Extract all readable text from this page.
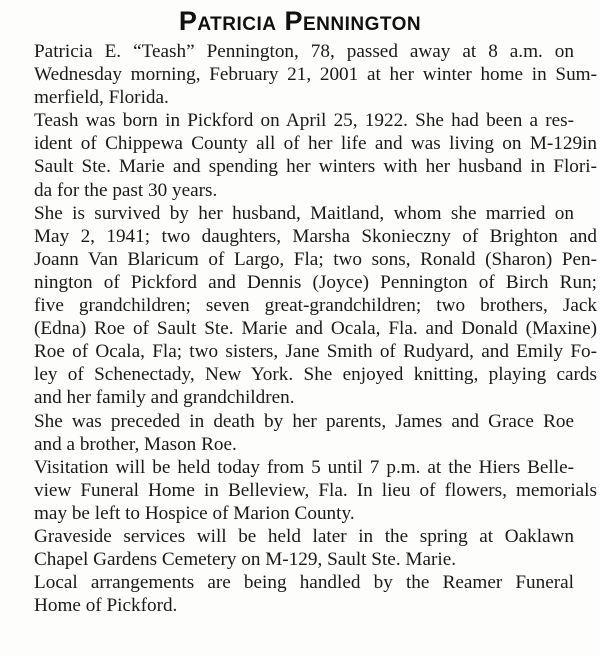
Patricia Pennington

Patricia E. “Teash” Pennington, 78, passed away at 8 a.m. on
Wednesday morning, February 21, 2001 at her winter home in Sum-
merfield, Florida.

Teash was born in Pickford on April 25, 1922. She had been a res-
ident of Chippewa County all of her life and was living on M-129in
Sault Ste. Marie and spending her winters with her husband in Flori-
da for the past 30 years.

She is survived by her husband, Maitland, whom she married on
May 2, 1941; two daughters, Marsha Skonieczny of Brighton and
Joann Van Blaricum of Largo, Fla; two sons, Ronald (Sharon) Pen-
nington of Pickford and Dennis (Joyce) Pennington of Birch Run;
five grandchildren; seven great-grandchildren; two brothers, Jack
(Edna) Roe of Sault Ste. Marie and Ocala, Fla. and Donald (Maxine)
Roe of Ocala, Fla; two sisters, Jane Smith of Rudyard, and Emily Fo-
ley of Schenectady, New York. She enjoyed knitting, playing cards
and her family and grandchildren.

She was preceded in death by her parents, James and Grace Roe
and a brother, Mason Roe.

Visitation will be held today from 5 until 7 p.m. at the Hiers Belle-
view Funeral Home in Belleview, Fla. In lieu of flowers, memorials
may be left to Hospice of Marion County.

Graveside services will be held later in the spring at Oaklawn
Chapel Gardens Cemetery on M-129, Sault Ste. Marie.

Local arrangements are being handled by the Reamer Funeral
Home of Pickford.
